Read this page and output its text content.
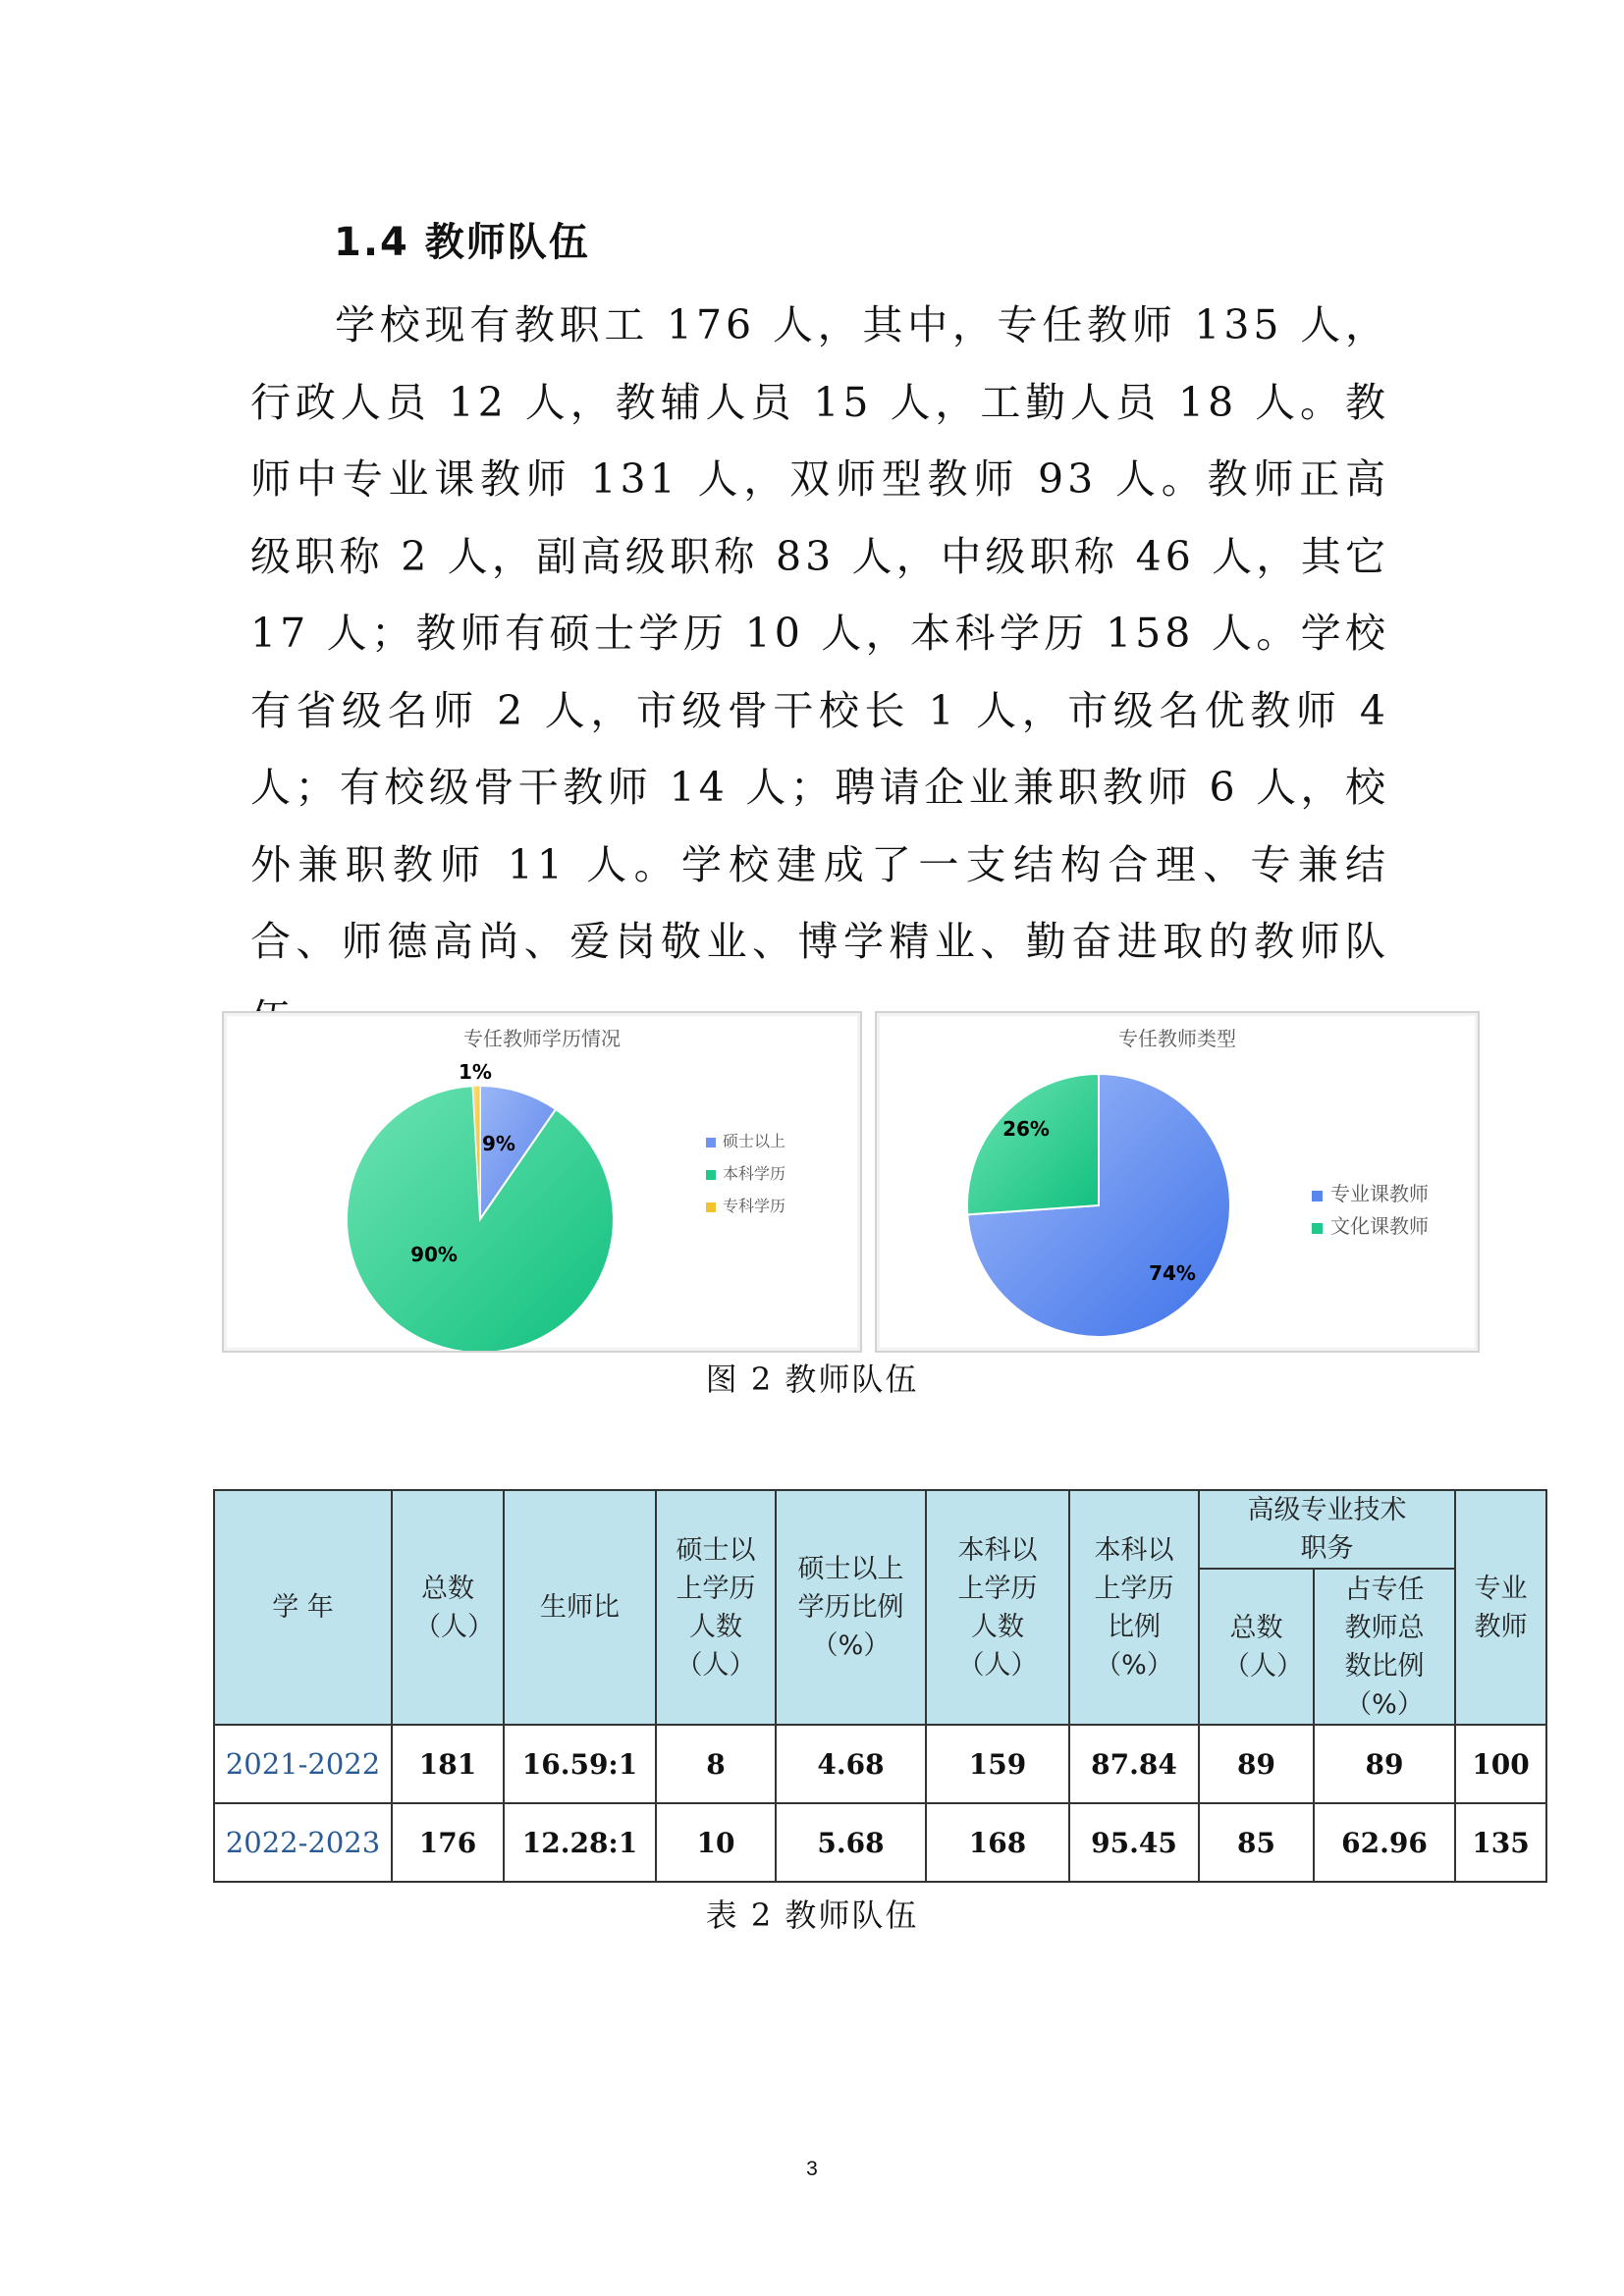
1.4 教师队伍

学校现有教职工 176 人，其中，专任教师 135 人，行政人员 12 人，教辅人员 15 人，工勤人员 18 人。教师中专业课教师 131 人，双师型教师 93 人。教师正高级职称 2 人，副高级职称 83 人，中级职称 46 人，其它 17 人；教师有硕士学历 10 人，本科学历 158 人。学校有省级名师 2 人，市级骨干校长 1 人，市级名优教师 4 人；有校级骨干教师 14 人；聘请企业兼职教师 6 人，校外兼职教师 11 人。学校建成了一支结构合理、专兼结合、师德高尚、爱岗敬业、博学精业、勤奋进取的教师队

专任教师学历情况
1%
9%
90%
硕士以上
本科学历
专科学历
专任教师类型
26%
74%
专业课教师
文化课教师
图 2 教师队伍
学 年	总数（人）	生师比	硕士以上学历人数（人）	硕士以上学历比例（%）	本科以上学历人数（人）	本科以上学历比例（%）	高级专业技术职务		专业教师
							总数（人）	占专任教师总数比例（%）	
2021-2022	181	16.59:1	8	4.68	159	87.84	89	89	100
2022-2023	176	12.28:1	10	5.68	168	95.45	85	62.96	135
表 2 教师队伍
3
